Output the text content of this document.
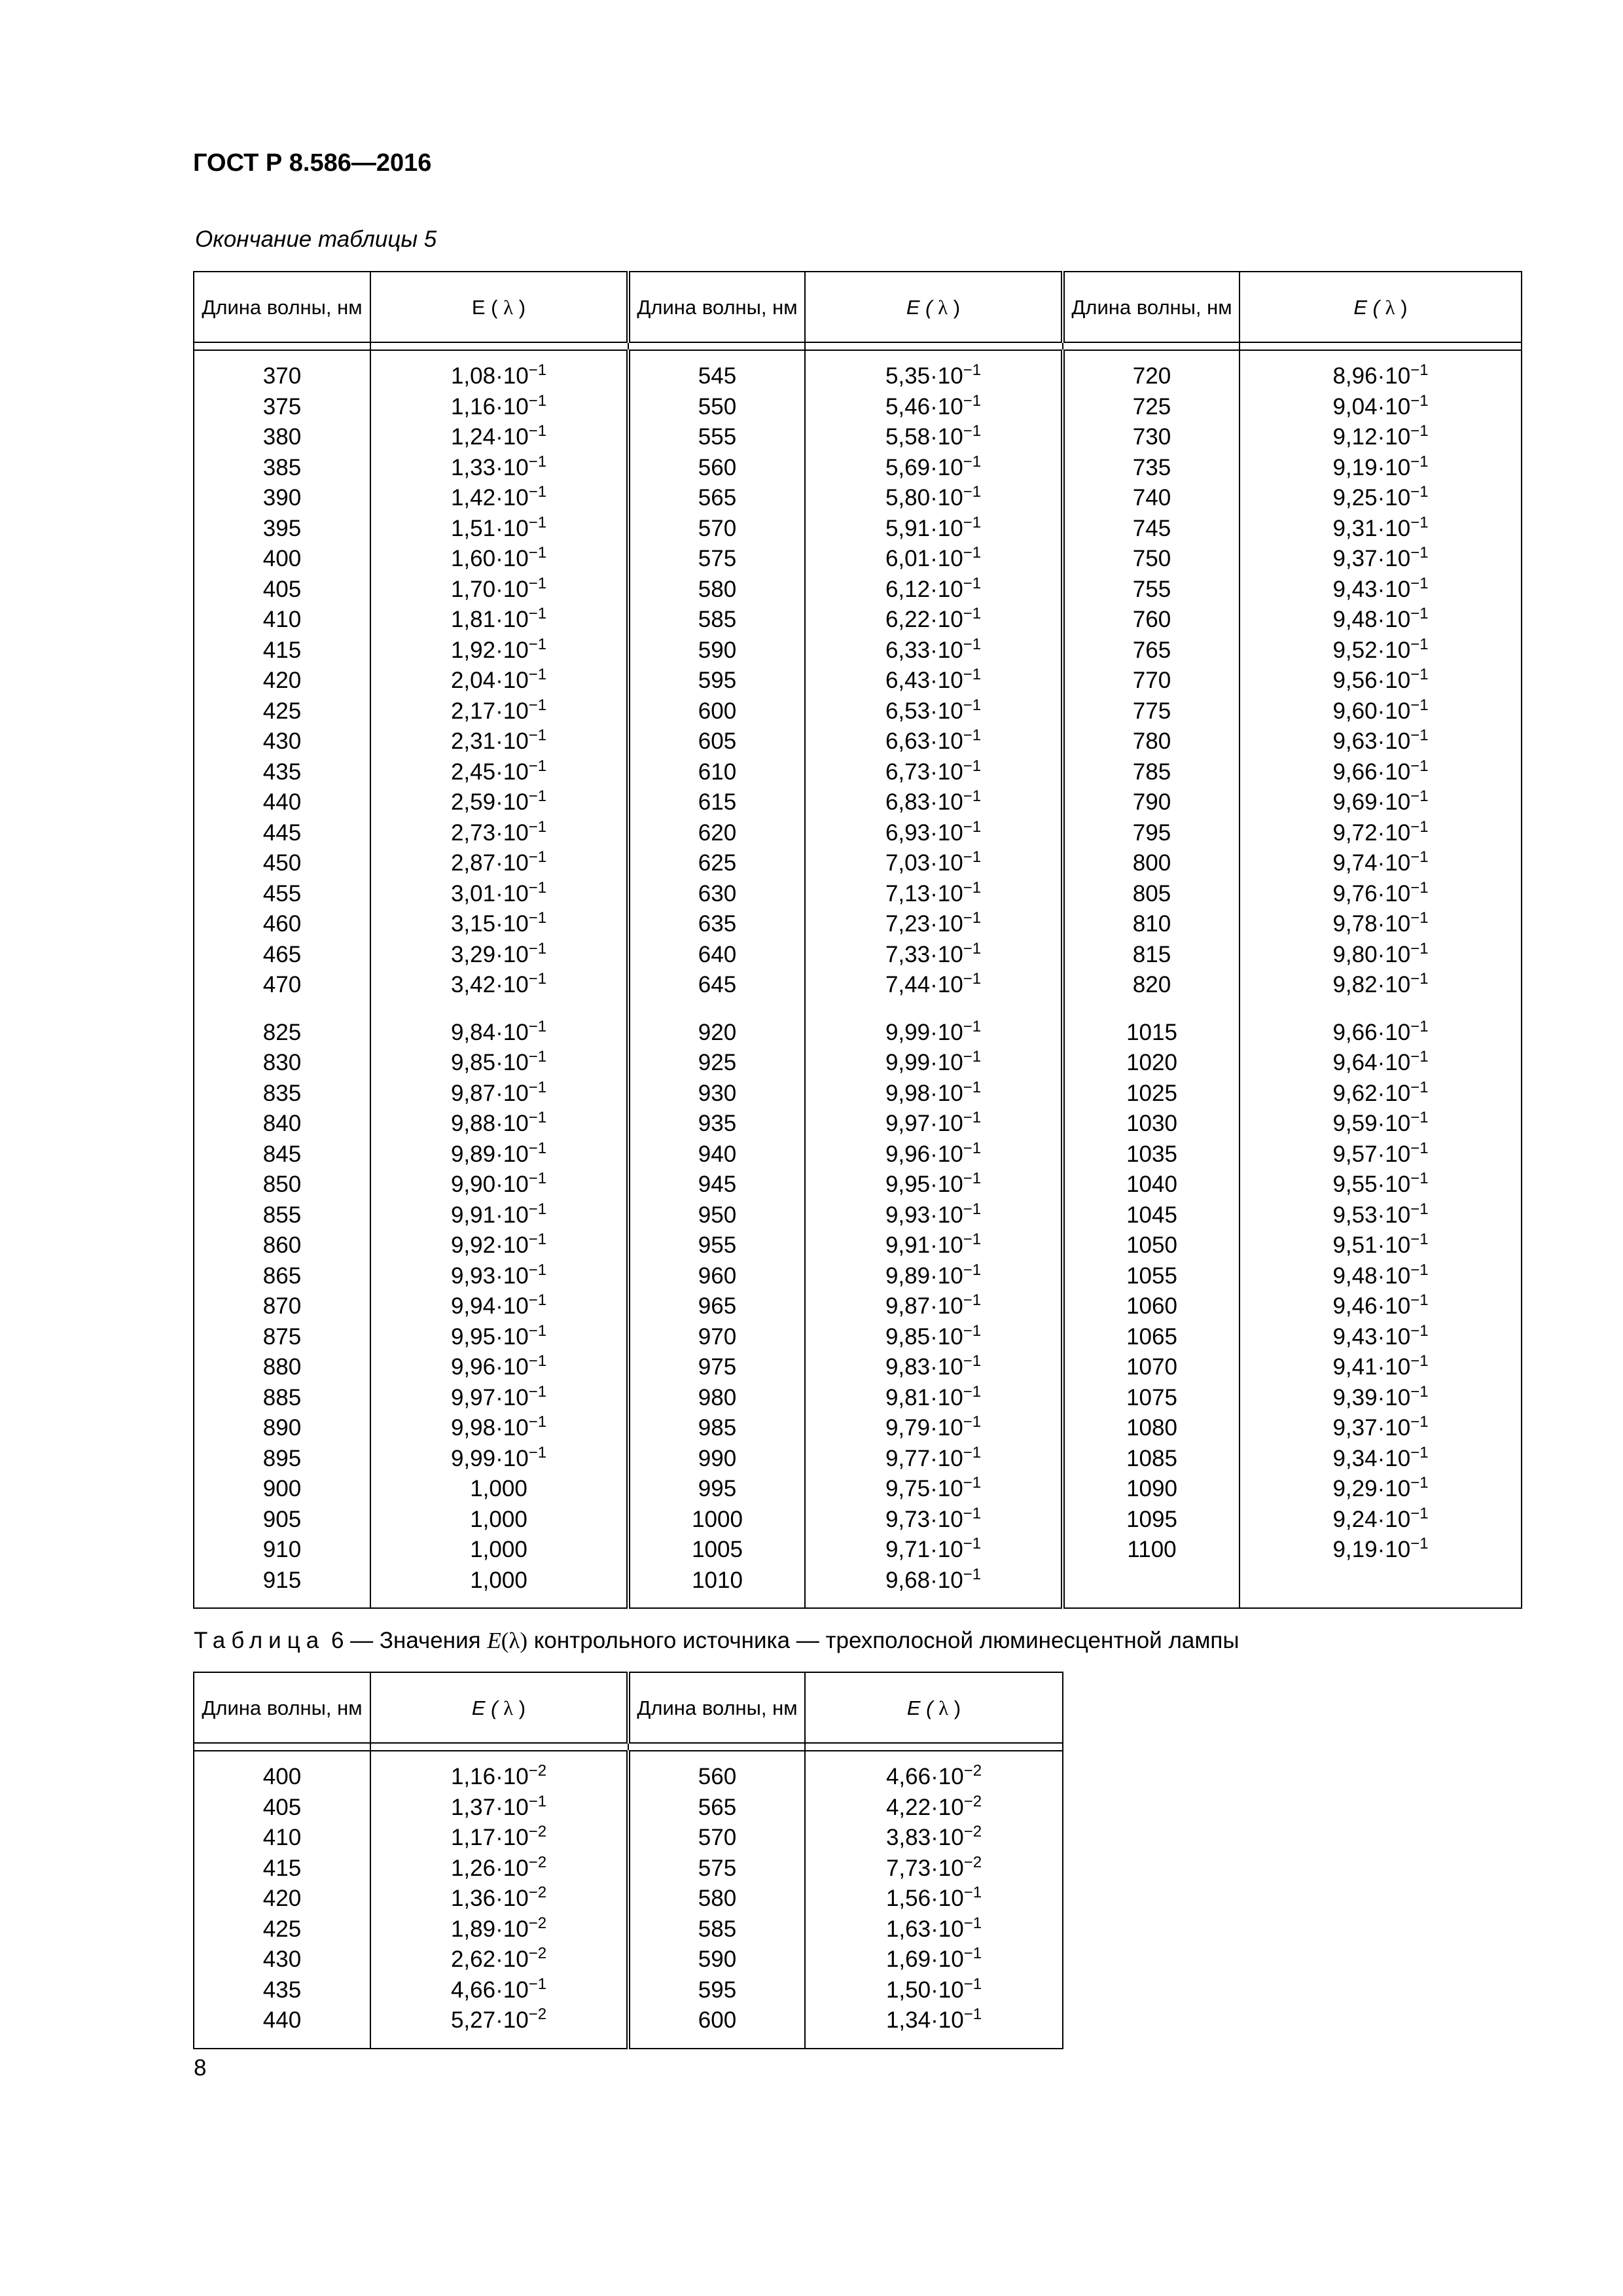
ГОСТ Р 8.586—2016
Окончание таблицы 5
Длина волны, нм	E ( λ )	Длина волны, нм	E ( λ )	Длина волны, нм	E ( λ )

370	$1,08\cdot 10^{-1}$	545	$5,35\cdot 10^{-1}$	720	$8,96\cdot 10^{-1}$
375	$1,16\cdot 10^{-1}$	550	$5,46\cdot 10^{-1}$	725	$9,04\cdot 10^{-1}$
380	$1,24\cdot 10^{-1}$	555	$5,58\cdot 10^{-1}$	730	$9,12\cdot 10^{-1}$
385	$1,33\cdot 10^{-1}$	560	$5,69\cdot 10^{-1}$	735	$9,19\cdot 10^{-1}$
390	$1,42\cdot 10^{-1}$	565	$5,80\cdot 10^{-1}$	740	$9,25\cdot 10^{-1}$
395	$1,51\cdot 10^{-1}$	570	$5,91\cdot 10^{-1}$	745	$9,31\cdot 10^{-1}$
400	$1,60\cdot 10^{-1}$	575	$6,01\cdot 10^{-1}$	750	$9,37\cdot 10^{-1}$
405	$1,70\cdot 10^{-1}$	580	$6,12\cdot 10^{-1}$	755	$9,43\cdot 10^{-1}$
410	$1,81\cdot 10^{-1}$	585	$6,22\cdot 10^{-1}$	760	$9,48\cdot 10^{-1}$
415	$1,92\cdot 10^{-1}$	590	$6,33\cdot 10^{-1}$	765	$9,52\cdot 10^{-1}$
420	$2,04\cdot 10^{-1}$	595	$6,43\cdot 10^{-1}$	770	$9,56\cdot 10^{-1}$
425	$2,17\cdot 10^{-1}$	600	$6,53\cdot 10^{-1}$	775	$9,60\cdot 10^{-1}$
430	$2,31\cdot 10^{-1}$	605	$6,63\cdot 10^{-1}$	780	$9,63\cdot 10^{-1}$
435	$2,45\cdot 10^{-1}$	610	$6,73\cdot 10^{-1}$	785	$9,66\cdot 10^{-1}$
440	$2,59\cdot 10^{-1}$	615	$6,83\cdot 10^{-1}$	790	$9,69\cdot 10^{-1}$
445	$2,73\cdot 10^{-1}$	620	$6,93\cdot 10^{-1}$	795	$9,72\cdot 10^{-1}$
450	$2,87\cdot 10^{-1}$	625	$7,03\cdot 10^{-1}$	800	$9,74\cdot 10^{-1}$
455	$3,01\cdot 10^{-1}$	630	$7,13\cdot 10^{-1}$	805	$9,76\cdot 10^{-1}$
460	$3,15\cdot 10^{-1}$	635	$7,23\cdot 10^{-1}$	810	$9,78\cdot 10^{-1}$
465	$3,29\cdot 10^{-1}$	640	$7,33\cdot 10^{-1}$	815	$9,80\cdot 10^{-1}$
470	$3,42\cdot 10^{-1}$	645	$7,44\cdot 10^{-1}$	820	$9,82\cdot 10^{-1}$

825	$9,84\cdot 10^{-1}$	920	$9,99\cdot 10^{-1}$	1015	$9,66\cdot 10^{-1}$
830	$9,85\cdot 10^{-1}$	925	$9,99\cdot 10^{-1}$	1020	$9,64\cdot 10^{-1}$
835	$9,87\cdot 10^{-1}$	930	$9,98\cdot 10^{-1}$	1025	$9,62\cdot 10^{-1}$
840	$9,88\cdot 10^{-1}$	935	$9,97\cdot 10^{-1}$	1030	$9,59\cdot 10^{-1}$
845	$9,89\cdot 10^{-1}$	940	$9,96\cdot 10^{-1}$	1035	$9,57\cdot 10^{-1}$
850	$9,90\cdot 10^{-1}$	945	$9,95\cdot 10^{-1}$	1040	$9,55\cdot 10^{-1}$
855	$9,91\cdot 10^{-1}$	950	$9,93\cdot 10^{-1}$	1045	$9,53\cdot 10^{-1}$
860	$9,92\cdot 10^{-1}$	955	$9,91\cdot 10^{-1}$	1050	$9,51\cdot 10^{-1}$
865	$9,93\cdot 10^{-1}$	960	$9,89\cdot 10^{-1}$	1055	$9,48\cdot 10^{-1}$
870	$9,94\cdot 10^{-1}$	965	$9,87\cdot 10^{-1}$	1060	$9,46\cdot 10^{-1}$
875	$9,95\cdot 10^{-1}$	970	$9,85\cdot 10^{-1}$	1065	$9,43\cdot 10^{-1}$
880	$9,96\cdot 10^{-1}$	975	$9,83\cdot 10^{-1}$	1070	$9,41\cdot 10^{-1}$
885	$9,97\cdot 10^{-1}$	980	$9,81\cdot 10^{-1}$	1075	$9,39\cdot 10^{-1}$
890	$9,98\cdot 10^{-1}$	985	$9,79\cdot 10^{-1}$	1080	$9,37\cdot 10^{-1}$
895	$9,99\cdot 10^{-1}$	990	$9,77\cdot 10^{-1}$	1085	$9,34\cdot 10^{-1}$
900	1,000	995	$9,75\cdot 10^{-1}$	1090	$9,29\cdot 10^{-1}$
905	1,000	1000	$9,73\cdot 10^{-1}$	1095	$9,24\cdot 10^{-1}$
910	1,000	1005	$9,71\cdot 10^{-1}$	1100	$9,19\cdot 10^{-1}$
915	1,000	1010	$9,68\cdot 10^{-1}$		

Таблица 6 — Значения E(λ) контрольного источника — трехполосной люминесцентной лампы
Длина волны, нм	E ( λ )	Длина волны, нм	E ( λ )

400	$1,16\cdot 10^{-2}$	560	$4,66\cdot 10^{-2}$
405	$1,37\cdot 10^{-1}$	565	$4,22\cdot 10^{-2}$
410	$1,17\cdot 10^{-2}$	570	$3,83\cdot 10^{-2}$
415	$1,26\cdot 10^{-2}$	575	$7,73\cdot 10^{-2}$
420	$1,36\cdot 10^{-2}$	580	$1,56\cdot 10^{-1}$
425	$1,89\cdot 10^{-2}$	585	$1,63\cdot 10^{-1}$
430	$2,62\cdot 10^{-2}$	590	$1,69\cdot 10^{-1}$
435	$4,66\cdot 10^{-1}$	595	$1,50\cdot 10^{-1}$
440	$5,27\cdot 10^{-2}$	600	$1,34\cdot 10^{-1}$

8
